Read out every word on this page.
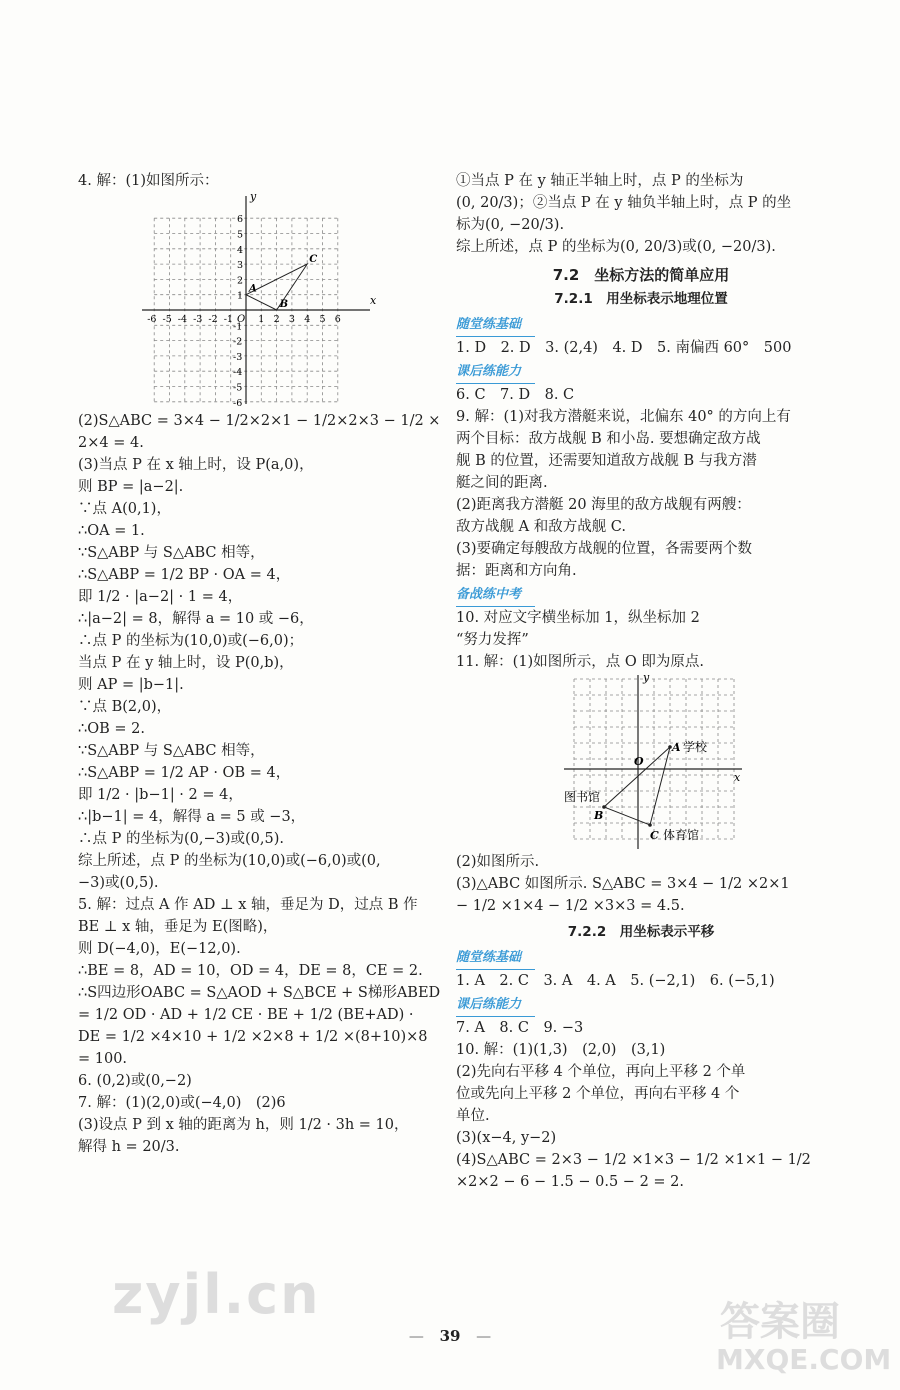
4. 解：(1)如图所示：
x
y
O
-6 -5 -4 -3 -2 -1	1 2 3 4 5 6
6
5
4
3
2
1
-1
-2
-3
-4
-5
-6
A
B
C
(2)S△ABC = 3×4 − 1/2×2×1 − 1/2×2×3 − 1/2 ×
2×4 = 4.
(3)当点 P 在 x 轴上时，设 P(a,0)，
则 BP = |a−2|.
∵点 A(0,1)，
∴OA = 1.
∵S△ABP 与 S△ABC 相等，
∴S△ABP = 1/2 BP · OA = 4，
即 1/2 · |a−2| · 1 = 4，
∴|a−2| = 8，解得 a = 10 或 −6，
∴点 P 的坐标为(10,0)或(−6,0)；
当点 P 在 y 轴上时，设 P(0,b)，
则 AP = |b−1|.
∵点 B(2,0)，
∴OB = 2.
∵S△ABP 与 S△ABC 相等，
∴S△ABP = 1/2 AP · OB = 4，
即 1/2 · |b−1| · 2 = 4，
∴|b−1| = 4，解得 a = 5 或 −3，
∴点 P 的坐标为(0,−3)或(0,5).
综上所述，点 P 的坐标为(10,0)或(−6,0)或(0,
−3)或(0,5).
5. 解：过点 A 作 AD ⊥ x 轴，垂足为 D，过点 B 作
BE ⊥ x 轴，垂足为 E(图略)，
则 D(−4,0)，E(−12,0).
∴BE = 8，AD = 10，OD = 4，DE = 8，CE = 2.
∴S四边形OABC = S△AOD + S△BCE + S梯形ABED
= 1/2 OD · AD + 1/2 CE · BE + 1/2 (BE+AD) ·
DE = 1/2 ×4×10 + 1/2 ×2×8 + 1/2 ×(8+10)×8
= 100.
6. (0,2)或(0,−2)
7. 解：(1)(2,0)或(−4,0)　(2)6
(3)设点 P 到 x 轴的距离为 h，则 1/2 · 3h = 10，
解得 h = 20/3.
①当点 P 在 y 轴正半轴上时，点 P 的坐标为
(0, 20/3)；②当点 P 在 y 轴负半轴上时，点 P 的坐
标为(0, −20/3).
综上所述，点 P 的坐标为(0, 20/3)或(0, −20/3).
7.2　坐标方法的简单应用
7.2.1　用坐标表示地理位置
随堂练基础
1. D　2. D　3. (2,4)　4. D　5. 南偏西 60°　500
课后练能力
6. C　7. D　8. C
9. 解：(1)对我方潜艇来说，北偏东 40° 的方向上有
两个目标：敌方战舰 B 和小岛. 要想确定敌方战
舰 B 的位置，还需要知道敌方战舰 B 与我方潜
艇之间的距离.
(2)距离我方潜艇 20 海里的敌方战舰有两艘：
敌方战舰 A 和敌方战舰 C.
(3)要确定每艘敌方战舰的位置，各需要两个数
据：距离和方向角.
备战练中考
10. 对应文字横坐标加 1，纵坐标加 2
“努力发挥”
11. 解：(1)如图所示，点 O 即为原点.
x
y
O
A 学校
图书馆
B
C 体育馆
(2)如图所示.
(3)△ABC 如图所示. S△ABC = 3×4 − 1/2 ×2×1
− 1/2 ×1×4 − 1/2 ×3×3 = 4.5.
7.2.2　用坐标表示平移
随堂练基础
1. A　2. C　3. A　4. A　5. (−2,1)　6. (−5,1)
课后练能力
7. A　8. C　9. −3
10. 解：(1)(1,3)　(2,0)　(3,1)
(2)先向右平移 4 个单位，再向上平移 2 个单
位或先向上平移 2 个单位，再向右平移 4 个
单位.
(3)(x−4, y−2)
(4)S△ABC = 2×3 − 1/2 ×1×3 − 1/2 ×1×1 − 1/2
×2×2 − 6 − 1.5 − 0.5 − 2 = 2.
— 39 —
zyjl.cn	答案圈
MXQE.COM
